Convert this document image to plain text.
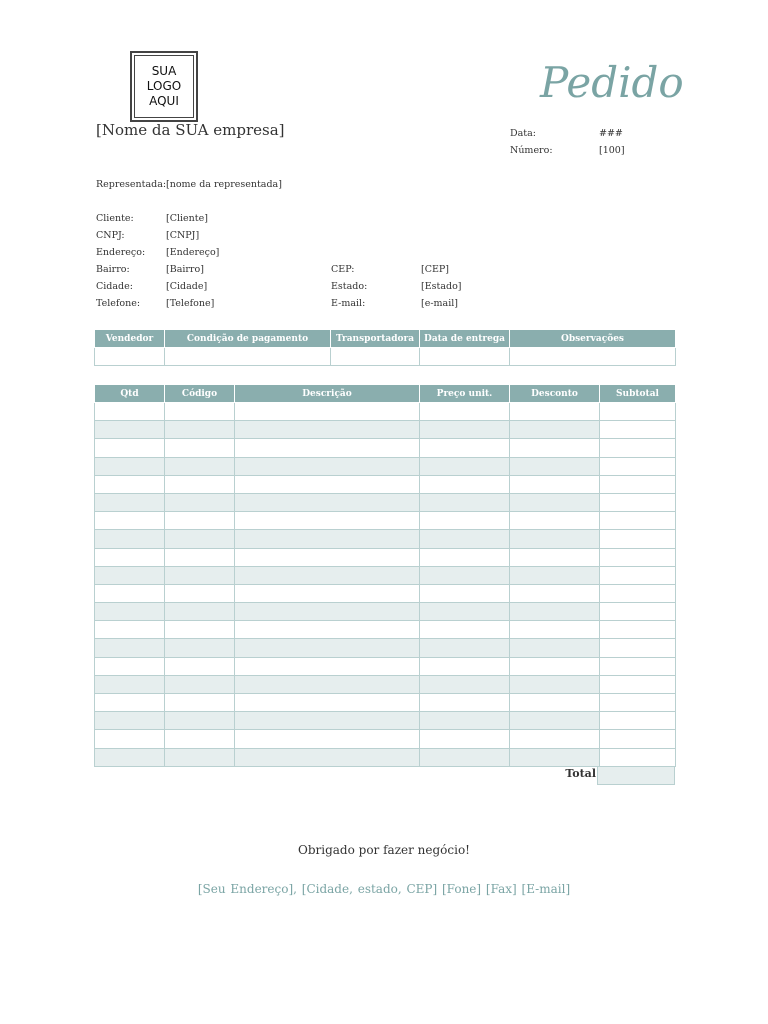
SUA
LOGO
AQUI	Pedido
[Nome da SUA empresa]	Data:	###
Número:	[100]
Representada: [nome da representada]
Cliente:	[Cliente]
CNPJ:	[CNPJ]
Endereço: [Endereço]
Bairro:	[Bairro]
Cidade:	[Cidade]
Telefone:	[Telefone]
CEP:	[CEP]
Estado:	[Estado]
E-mail:	[e-mail]
Vendedor	Condição de pagamento	Transportadora	Data de entrega	Observações

Qtd	Código	Descrição	Preço unit.	Desconto	Subtotal

Total
Obrigado por fazer negócio!
[Seu Endereço], [Cidade, estado, CEP] [Fone] [Fax] [E-mail]
